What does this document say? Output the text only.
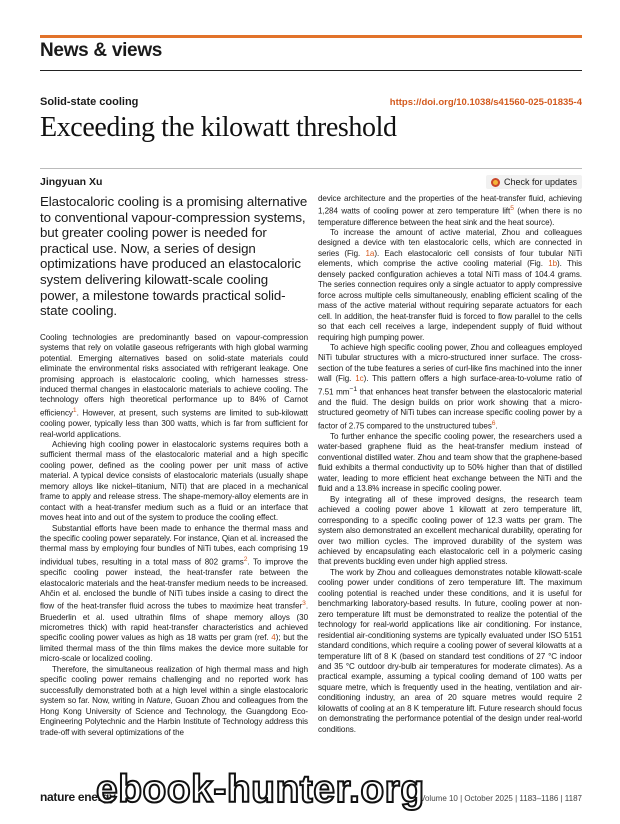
News & views
Solid-state cooling	https://doi.org/10.1038/s41560-025-01835-4
Exceeding the kilowatt threshold
Jingyuan Xu	Check for updates
Elastocaloric cooling is a promising alternative to conventional vapour-compression systems, but greater cooling power is needed for practical use. Now, a series of design optimizations have produced an elastocaloric system delivering kilowatt-scale cooling power, a milestone towards practical solid-state cooling.

Cooling technologies are predominantly based on vapour-compression systems that rely on volatile gaseous refrigerants with high global warming potential. Emerging alternatives based on solid-state materials could eliminate the environmental risks associated with refrigerant leakage. One promising approach is elastocaloric cooling, which harnesses stress-induced thermal changes in elastocaloric materials to achieve cooling. The technology offers high theoretical performance up to 84% of Carnot efficiency$^1$. However, at present, such systems are limited to sub-kilowatt cooling power, typically less than 300 watts, which is far from sufficient for real-world applications.

Achieving high cooling power in elastocaloric systems requires both a sufficient thermal mass of the elastocaloric material and a high specific cooling power, defined as the cooling power per unit mass of active material. A typical device consists of elastocaloric materials (usually shape memory alloys like nickel–titanium, NiTi) that are placed in a mechanical frame to apply and release stress. The shape-memory-alloy elements are in contact with a heat-transfer medium such as a fluid or an interface that moves heat into and out of the system to produce the cooling effect.

Substantial efforts have been made to enhance the thermal mass and the specific cooling power separately. For instance, Qian et al. increased the thermal mass by employing four bundles of NiTi tubes, each comprising 19 individual tubes, resulting in a total mass of 802 grams$^2$. To improve the specific cooling power instead, the heat-transfer rate between the elastocaloric materials and the heat-transfer medium needs to be increased. Ahčin et al. enclosed the bundle of NiTi tubes inside a casing to direct the flow of the heat-transfer fluid across the tubes to maximize heat transfer$^3$. Bruederlin et al. used ultrathin films of shape memory alloys (30 micrometres thick) with rapid heat-transfer characteristics and achieved specific cooling power values as high as 18 watts per gram (ref. 4); but the limited thermal mass of the thin films makes the device more suitable for micro-scale or localized cooling.

Therefore, the simultaneous realization of high thermal mass and high specific cooling power remains challenging and no reported work has successfully demonstrated both at a high level within a single elastocaloric system so far. Now, writing in Nature, Guoan Zhou and colleagues from the Hong Kong University of Science and Technology, the Guangdong Eco-Engineering Polytechnic and the Harbin Institute of Technology address this trade-off with several optimizations of the

device architecture and the properties of the heat-transfer fluid, achieving 1,284 watts of cooling power at zero temperature lift$^5$ (when there is no temperature difference between the heat sink and the heat source).

To increase the amount of active material, Zhou and colleagues designed a device with ten elastocaloric cells, which are connected in series (Fig. 1a). Each elastocaloric cell consists of four tubular NiTi elements, which comprise the active cooling material (Fig. 1b). This densely packed configuration achieves a total NiTi mass of 104.4 grams. The series connection requires only a single actuator to apply compressive force across multiple cells simultaneously, enabling efficient scaling of the mass of the active material without requiring separate actuators for each cell. In addition, the heat-transfer fluid is forced to flow parallel to the cells so that each cell receives a large, independent supply of fluid without requiring high pumping power.

To achieve high specific cooling power, Zhou and colleagues employed NiTi tubular structures with a micro-structured inner surface. The cross-section of the tube features a series of curl-like fins machined into the inner wall (Fig. 1c). This pattern offers a high surface-area-to-volume ratio of 7.51 $mm^{-1}$ that enhances heat transfer between the elastocaloric material and the fluid. The design builds on prior work showing that a micro-structured geometry of NiTi tubes can increase specific cooling power by a factor of 2.75 compared to the unstructured tubes$^6$.

To further enhance the specific cooling power, the researchers used a water-based graphene fluid as the heat-transfer medium instead of conventional distilled water. Zhou and team show that the graphene-based fluid exhibits a thermal conductivity up to 50% higher than that of distilled water, leading to more efficient heat exchange between the NiTi and the fluid and a 13.8% increase in specific cooling power.

By integrating all of these improved designs, the research team achieved a cooling power above 1 kilowatt at zero temperature lift, corresponding to a specific cooling power of 12.3 watts per gram. The system also demonstrated an excellent mechanical durability, operating for over two million cycles. The improved durability of the system was achieved by encapsulating each elastocaloric cell in a polymeric casing that prevents buckling even under high applied stress.

The work by Zhou and colleagues demonstrates notable kilowatt-scale cooling power under conditions of zero temperature lift. The maximum cooling potential is reached under these conditions, and it is useful for benchmarking laboratory-based results. In future, cooling power at non-zero temperature lift must be demonstrated to realize the potential of the technology for real-world applications like air conditioning. For instance, residential air-conditioning systems are typically evaluated under ISO 5151 standard conditions, which require a cooling power of several kilowatts at a temperature lift of 8 K (based on standard test conditions of 27 °C indoor and 35 °C outdoor dry-bulb air temperatures for moderate climates). As a practical example, assuming a typical cooling demand of 100 watts per square metre, which is frequently used in the heating, ventilation and air-conditioning industry, an area of 20 square metres would require 2 kilowatts of cooling at an 8 K temperature lift. Future research should focus on demonstrating the performance potential of the design under real-world conditions.

nature energy	Volume 10 | October 2025 | 1183–1186 | 1187
ebook-hunter.org
